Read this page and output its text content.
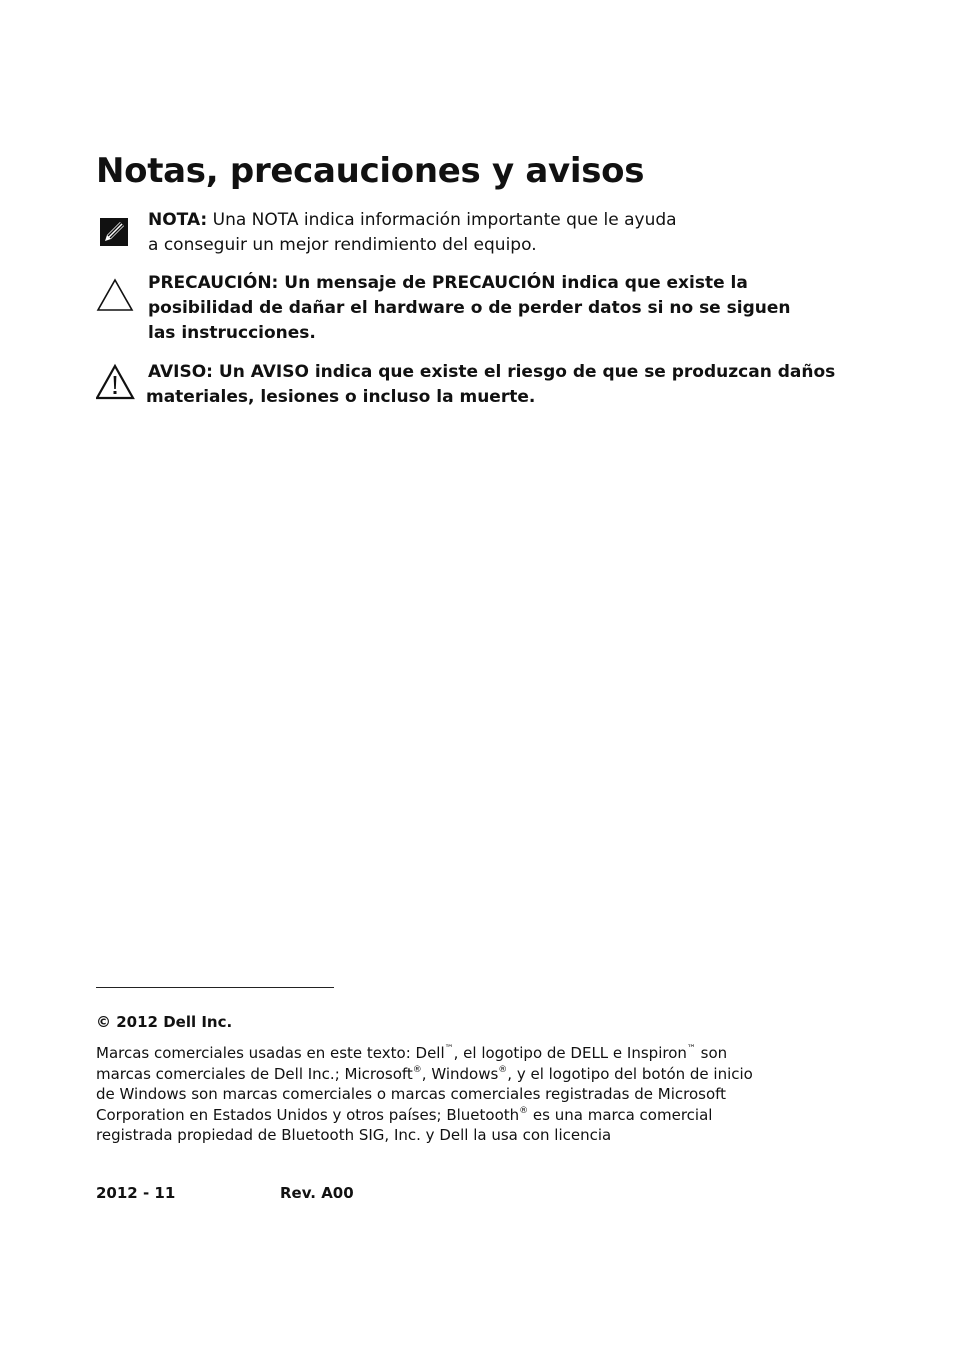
Notas, precauciones y avisos
NOTA: Una NOTA indica información importante que le ayuda
a conseguir un mejor rendimiento del equipo.
PRECAUCIÓN: Un mensaje de PRECAUCIÓN indica que existe la
posibilidad de dañar el hardware o de perder datos si no se siguen
las instrucciones.
AVISO: Un AVISO indica que existe el riesgo de que se produzcan daños
materiales, lesiones o incluso la muerte.
© 2012 Dell Inc.
Marcas comerciales usadas en este texto: Dell™, el logotipo de DELL e Inspiron™ son
marcas comerciales de Dell Inc.; Microsoft®, Windows®, y el logotipo del botón de inicio
de Windows son marcas comerciales o marcas comerciales registradas de Microsoft
Corporation en Estados Unidos y otros países; Bluetooth® es una marca comercial
registrada propiedad de Bluetooth SIG, Inc. y Dell la usa con licencia
2012 - 11	Rev. A00
